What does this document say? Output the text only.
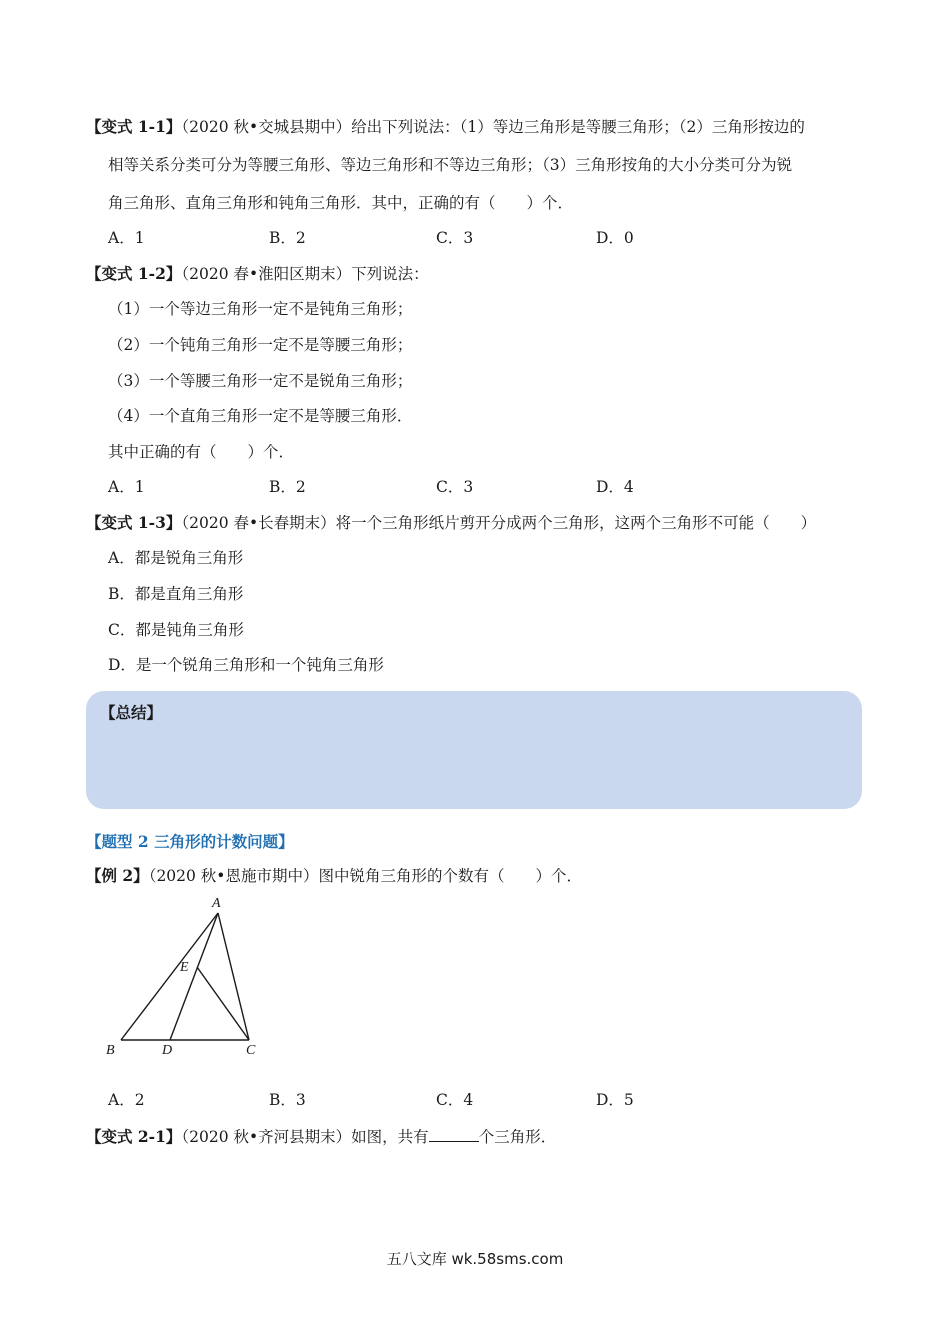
【变式 1-1】（2020 秋•交城县期中）给出下列说法：（1）等边三角形是等腰三角形；（2）三角形按边的
相等关系分类可分为等腰三角形、等边三角形和不等边三角形；（3）三角形按角的大小分类可分为锐
角三角形、直角三角形和钝角三角形．其中，正确的有（　　）个．
A．1	B．2	C．3	D．0
【变式 1-2】（2020 春•淮阳区期末）下列说法：
（1）一个等边三角形一定不是钝角三角形；
（2）一个钝角三角形一定不是等腰三角形；
（3）一个等腰三角形一定不是锐角三角形；
（4）一个直角三角形一定不是等腰三角形．
其中正确的有（　　）个．
A．1	B．2	C．3	D．4
【变式 1-3】（2020 春•长春期末）将一个三角形纸片剪开分成两个三角形，这两个三角形不可能（　　）
A．都是锐角三角形
B．都是直角三角形
C．都是钝角三角形
D．是一个锐角三角形和一个钝角三角形
【总结】
【题型 2 三角形的计数问题】
【例 2】（2020 秋•恩施市期中）图中锐角三角形的个数有（　　）个．
A
E
B	D	C
A．2	B．3	C．4	D．5
【变式 2-1】（2020 秋•齐河县期末）如图，共有	个三角形．
五八文库 wk.58sms.com
